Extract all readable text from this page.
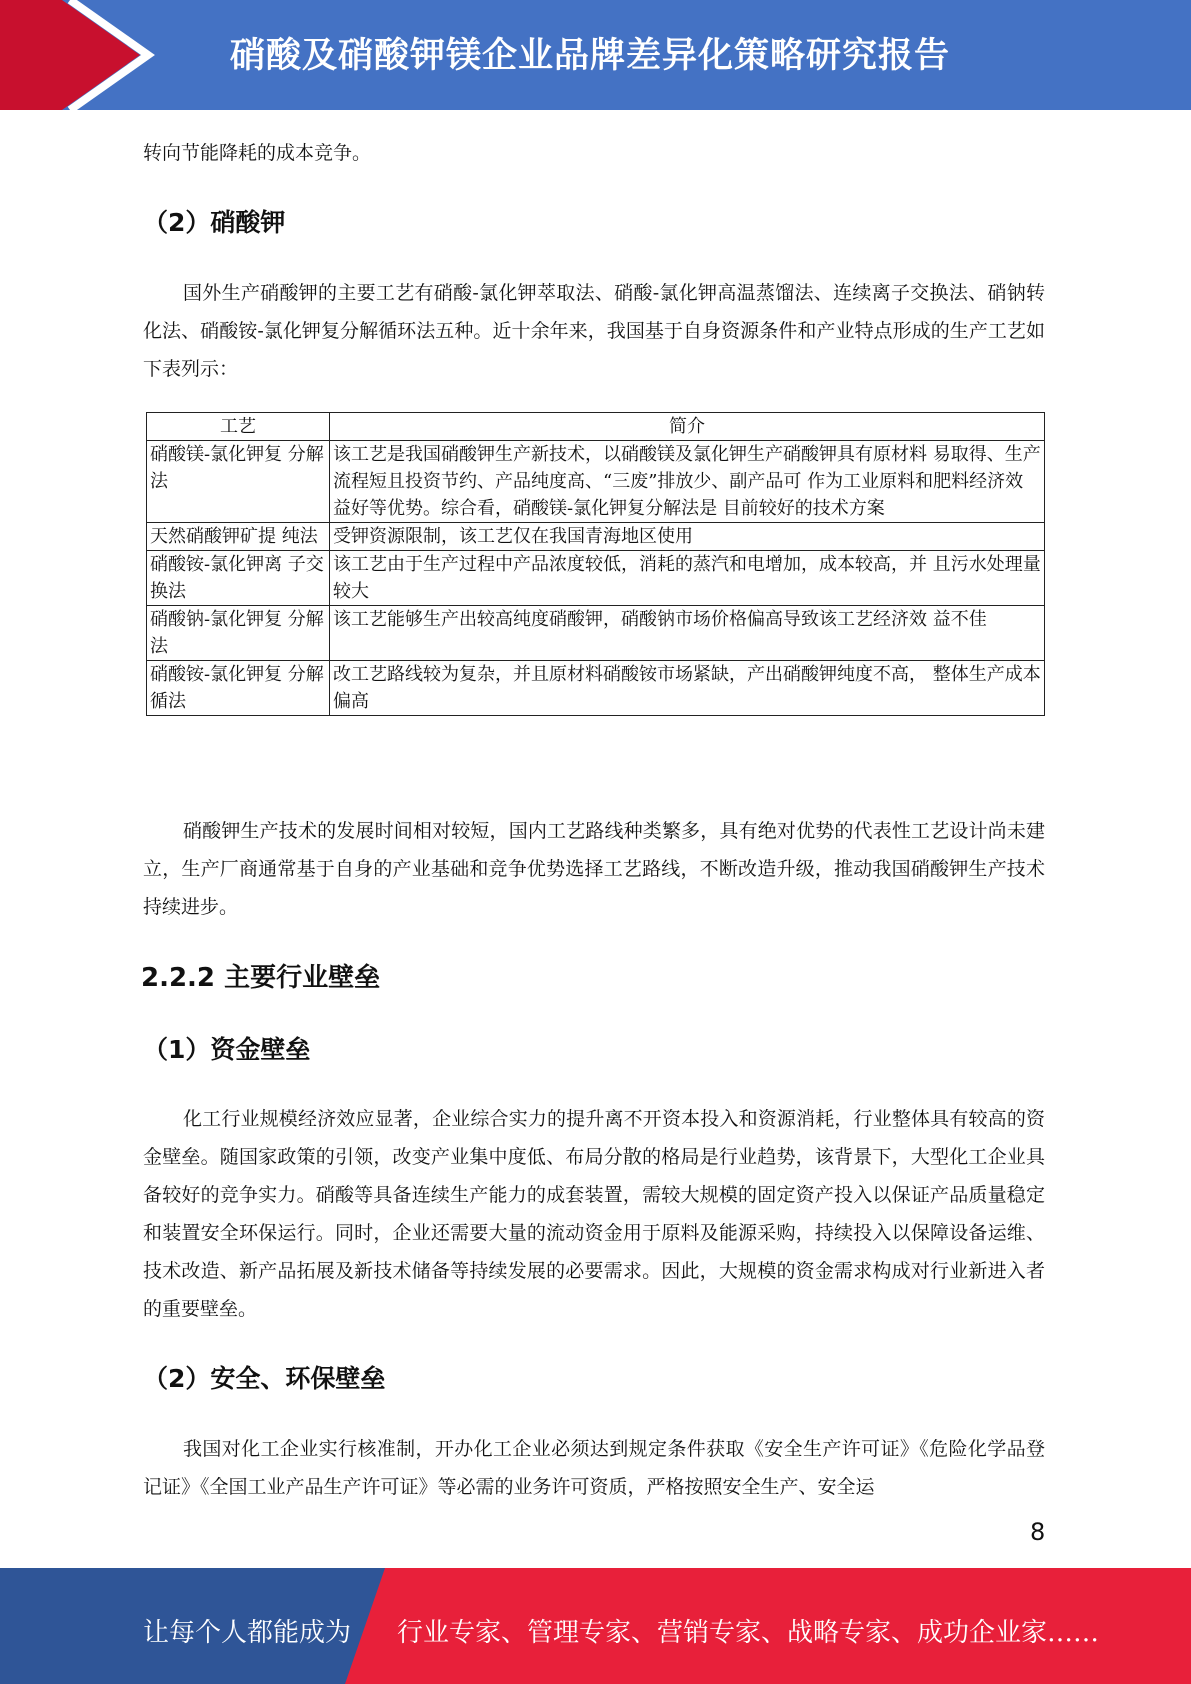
硝酸及硝酸钾镁企业品牌差异化策略研究报告
转向节能降耗的成本竞争。
（2）硝酸钾
国外生产硝酸钾的主要工艺有硝酸-氯化钾萃取法、硝酸-氯化钾高温蒸馏法、连续离子交换法、硝钠转化法、硝酸铵-氯化钾复分解循环法五种。近十余年来，我国基于自身资源条件和产业特点形成的生产工艺如下表列示：
工艺	简介
硝酸镁-氯化钾复 分解法	该工艺是我国硝酸钾生产新技术，以硝酸镁及氯化钾生产硝酸钾具有原材料 易取得、生产流程短且投资节约、产品纯度高、“三废”排放少、副产品可 作为工业原料和肥料经济效益好等优势。综合看，硝酸镁-氯化钾复分解法是 目前较好的技术方案
天然硝酸钾矿提 纯法	受钾资源限制，该工艺仅在我国青海地区使用
硝酸铵-氯化钾离 子交换法	该工艺由于生产过程中产品浓度较低，消耗的蒸汽和电增加，成本较高，并 且污水处理量较大
硝酸钠-氯化钾复 分解法	该工艺能够生产出较高纯度硝酸钾，硝酸钠市场价格偏高导致该工艺经济效 益不佳
硝酸铵-氯化钾复 分解循法	改工艺路线较为复杂，并且原材料硝酸铵市场紧缺，产出硝酸钾纯度不高， 整体生产成本偏高
硝酸钾生产技术的发展时间相对较短，国内工艺路线种类繁多，具有绝对优势的代表性工艺设计尚未建立，生产厂商通常基于自身的产业基础和竞争优势选择工艺路线，不断改造升级，推动我国硝酸钾生产技术持续进步。
2.2.2 主要行业壁垒
（1）资金壁垒
化工行业规模经济效应显著，企业综合实力的提升离不开资本投入和资源消耗，行业整体具有较高的资金壁垒。随国家政策的引领，改变产业集中度低、布局分散的格局是行业趋势，该背景下，大型化工企业具备较好的竞争实力。硝酸等具备连续生产能力的成套装置，需较大规模的固定资产投入以保证产品质量稳定和装置安全环保运行。同时，企业还需要大量的流动资金用于原料及能源采购，持续投入以保障设备运维、技术改造、新产品拓展及新技术储备等持续发展的必要需求。因此，大规模的资金需求构成对行业新进入者的重要壁垒。
（2）安全、环保壁垒
我国对化工企业实行核准制，开办化工企业必须达到规定条件获取《安全生产许可证》《危险化学品登记证》《全国工业产品生产许可证》等必需的业务许可资质，严格按照安全生产、安全运
8
让每个人都能成为 行业专家、管理专家、营销专家、战略专家、成功企业家……
